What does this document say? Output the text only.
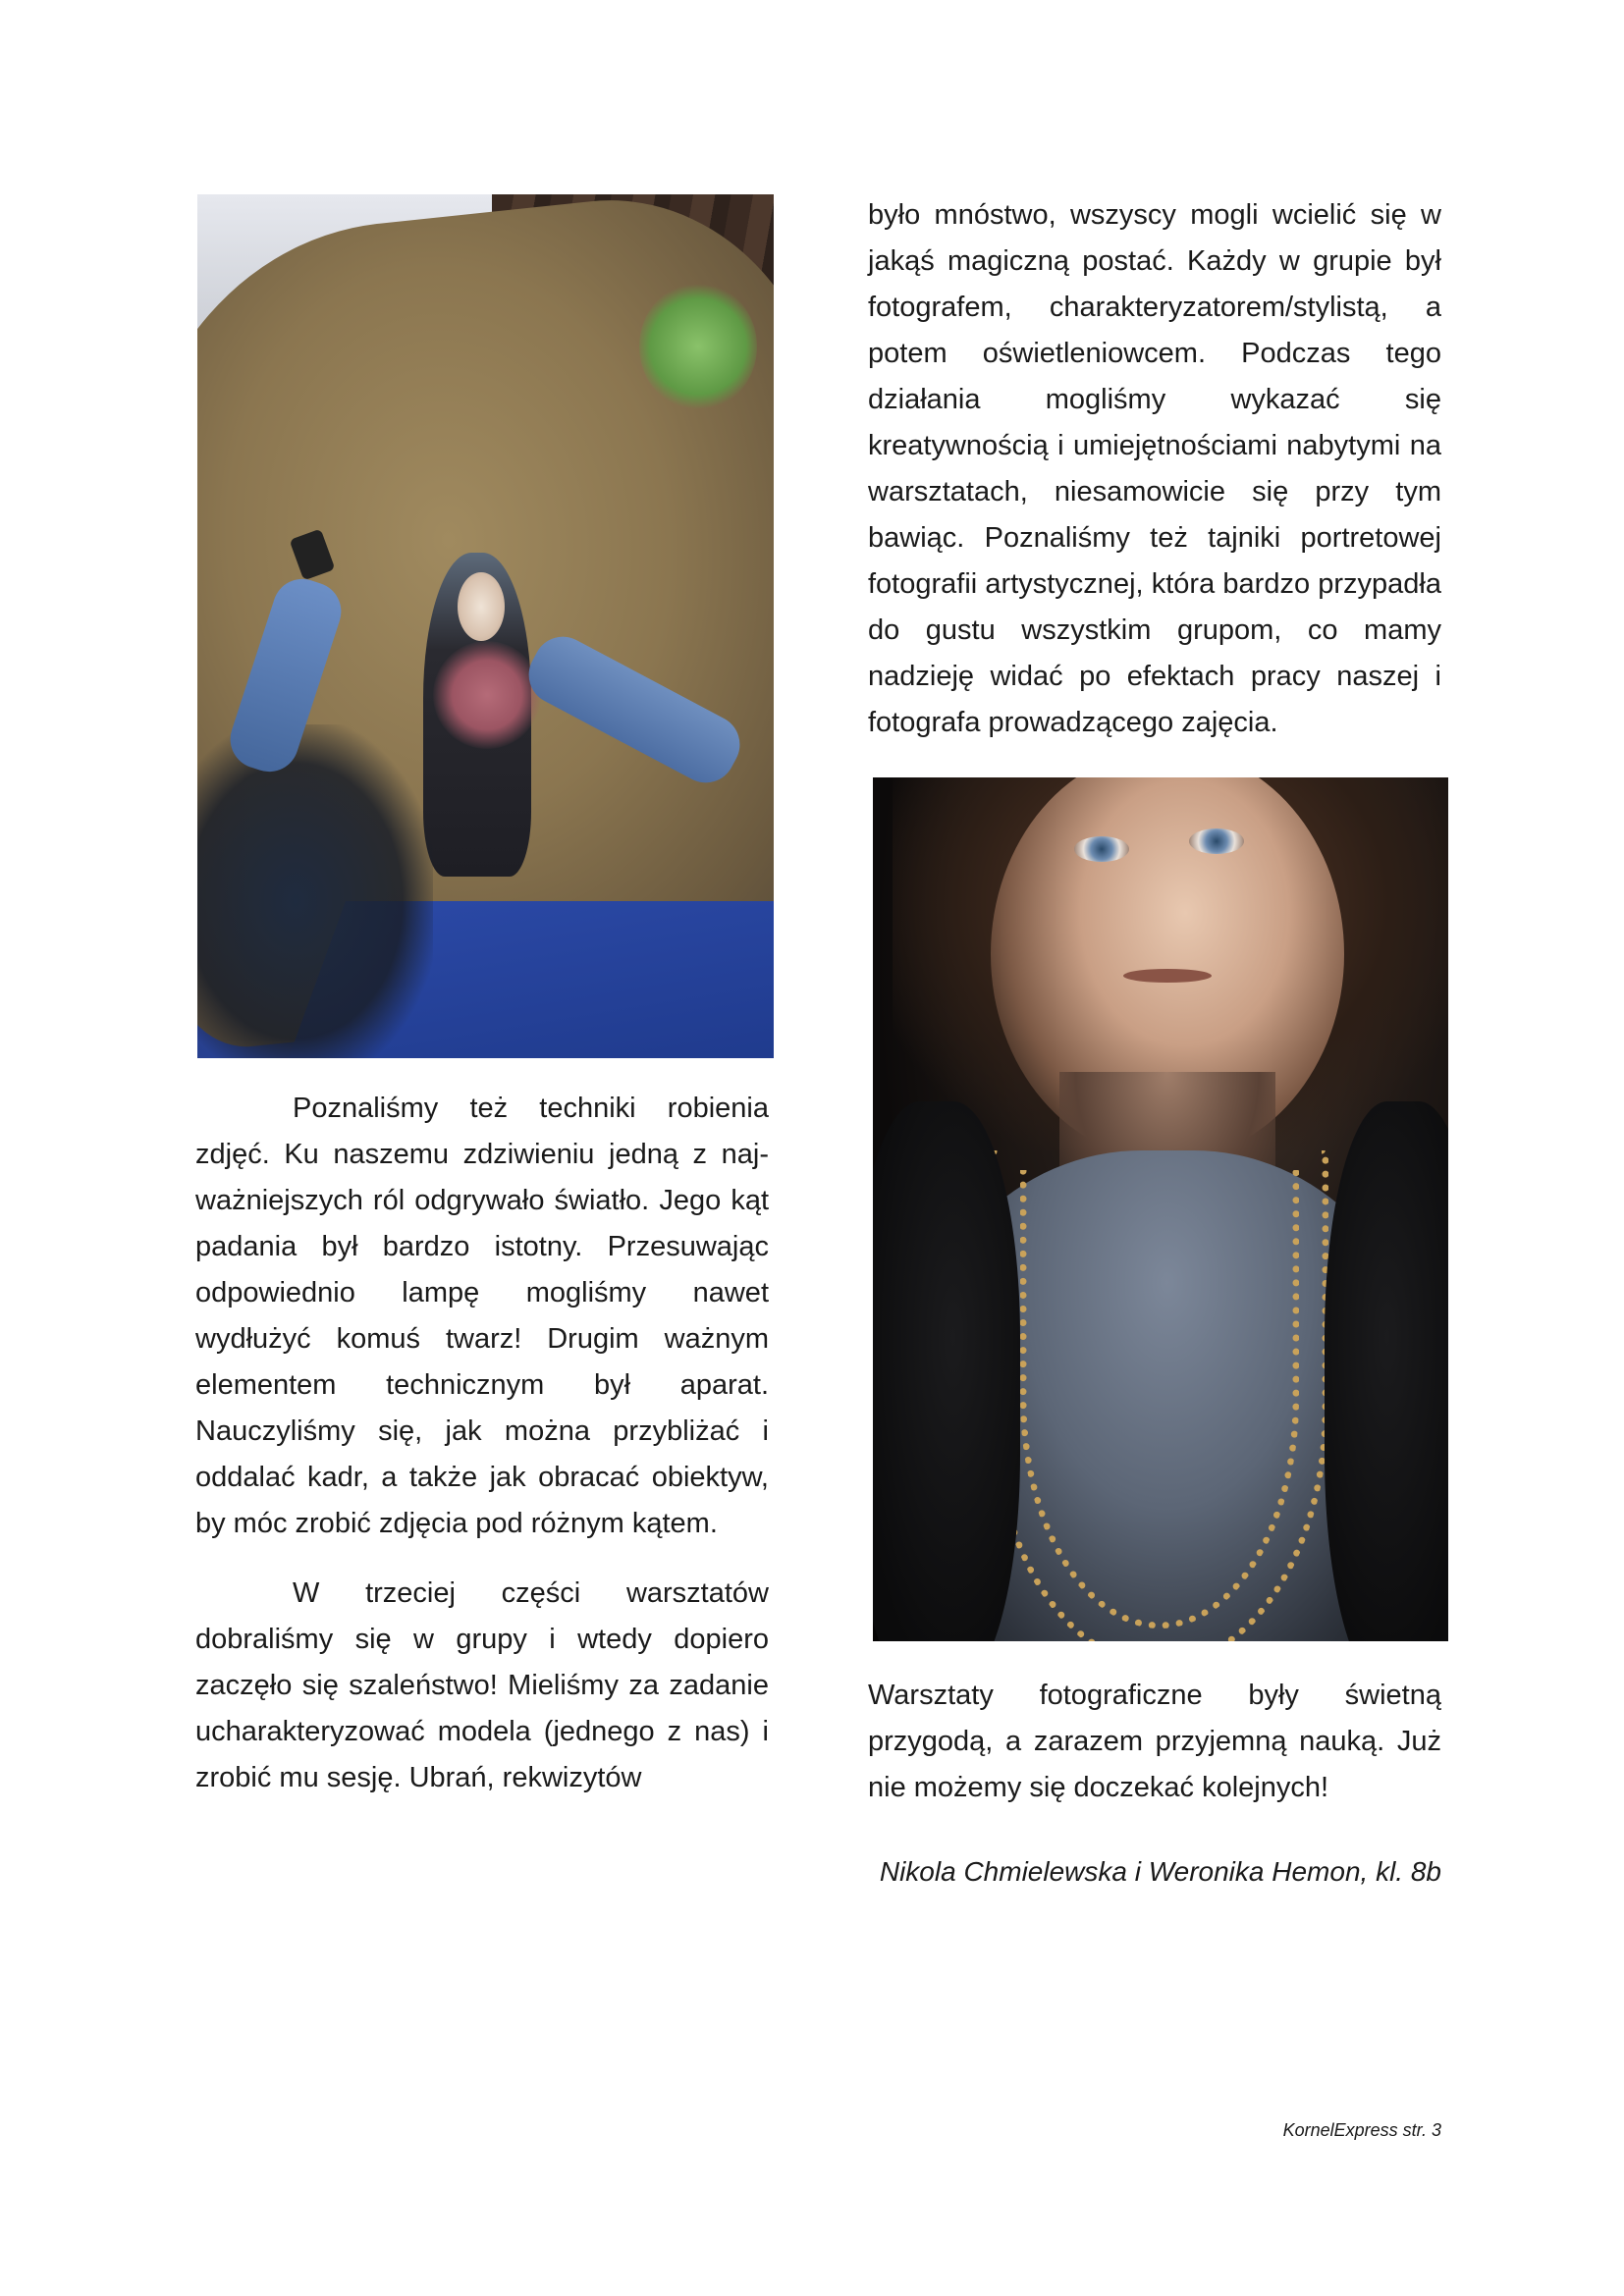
Poznaliśmy też techniki robienia zdjęć. Ku naszemu zdziwieniu jedną z najważniejszych ról odgrywało światło. Jego kąt padania był bardzo istotny. Przesuwając odpowiednio lampę mogliśmy nawet wydłużyć komuś twarz! Drugim ważnym elementem technicznym był aparat. Nauczyliśmy się, jak można przybliżać i oddalać kadr, a także jak obracać obiektyw, by móc zrobić zdjęcia pod różnym kątem.

W trzeciej części warsztatów dobraliśmy się w grupy i wtedy dopiero zaczęło się szaleństwo! Mieliśmy za zadanie ucharakteryzować modela (jednego z nas) i zrobić mu sesję. Ubrań, rekwizytów

było mnóstwo, wszyscy mogli wcielić się w jakąś magiczną postać. Każdy w grupie był fotografem, charakteryzatorem/stylistą, a potem oświetleniowcem. Podczas tego działania mogliśmy wykazać się kreatywnością i umiejętnościami nabytymi na warsztatach, niesamowicie się przy tym bawiąc. Poznaliśmy też tajniki portretowej fotografii artystycznej, która bardzo przypadła do gustu wszystkim grupom, co mamy nadzieję widać po efektach pracy naszej i fotografa prowadzącego zajęcia.

Warsztaty fotograficzne były świetną przygodą, a zarazem przyjemną nauką. Już nie możemy się doczekać kolejnych!

Nikola Chmielewska i Weronika Hemon, kl. 8b

KornelExpress str. 3
